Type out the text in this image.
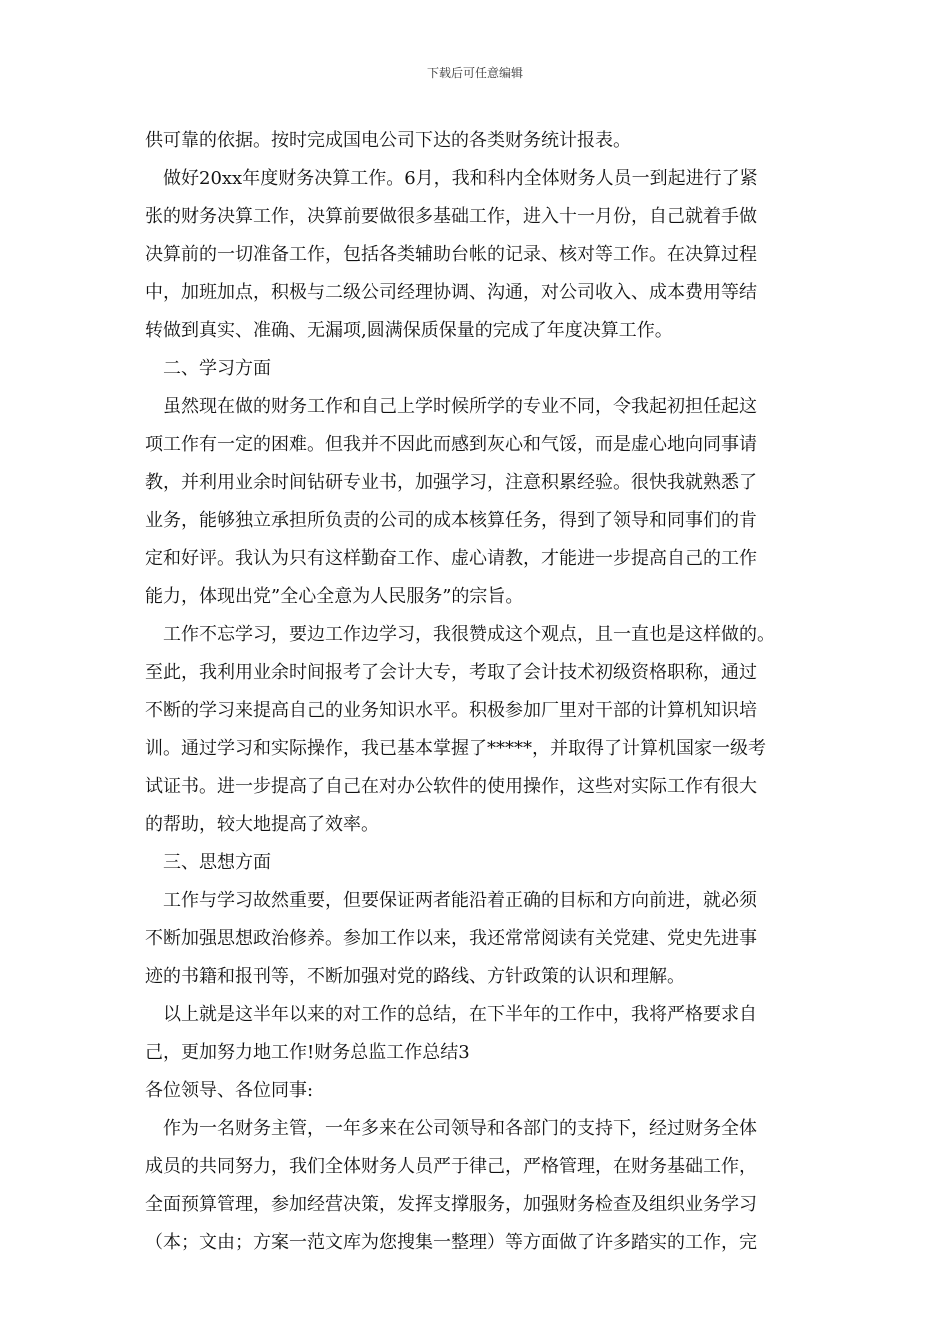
下载后可任意编辑
供可靠的依据。按时完成国电公司下达的各类财务统计报表。
做好20xx年度财务决算工作。6月，我和科内全体财务人员一到起进行了紧
张的财务决算工作，决算前要做很多基础工作，进入十一月份，自己就着手做
决算前的一切准备工作，包括各类辅助台帐的记录、核对等工作。在决算过程
中，加班加点，积极与二级公司经理协调、沟通，对公司收入、成本费用等结
转做到真实、准确、无漏项,圆满保质保量的完成了年度决算工作。
二、学习方面
虽然现在做的财务工作和自己上学时候所学的专业不同，令我起初担任起这
项工作有一定的困难。但我并不因此而感到灰心和气馁，而是虚心地向同事请
教，并利用业余时间钻研专业书，加强学习，注意积累经验。很快我就熟悉了
业务，能够独立承担所负责的公司的成本核算任务，得到了领导和同事们的肯
定和好评。我认为只有这样勤奋工作、虚心请教，才能进一步提高自己的工作
能力，体现出党”全心全意为人民服务”的宗旨。
工作不忘学习，要边工作边学习，我很赞成这个观点，且一直也是这样做的。
至此，我利用业余时间报考了会计大专，考取了会计技术初级资格职称，通过
不断的学习来提高自己的业务知识水平。积极参加厂里对干部的计算机知识培
训。通过学习和实际操作，我已基本掌握了*****，并取得了计算机国家一级考
试证书。进一步提高了自己在对办公软件的使用操作，这些对实际工作有很大
的帮助，较大地提高了效率。
三、思想方面
工作与学习故然重要，但要保证两者能沿着正确的目标和方向前进，就必须
不断加强思想政治修养。参加工作以来，我还常常阅读有关党建、党史先进事
迹的书籍和报刊等，不断加强对党的路线、方针政策的认识和理解。
以上就是这半年以来的对工作的总结，在下半年的工作中，我将严格要求自
己，更加努力地工作!财务总监工作总结3
各位领导、各位同事:
作为一名财务主管，一年多来在公司领导和各部门的支持下，经过财务全体
成员的共同努力，我们全体财务人员严于律己，严格管理，在财务基础工作，
全面预算管理，参加经营决策，发挥支撑服务，加强财务检查及组织业务学习
（本；文由；方案一范文库为您搜集一整理）等方面做了许多踏实的工作，完
